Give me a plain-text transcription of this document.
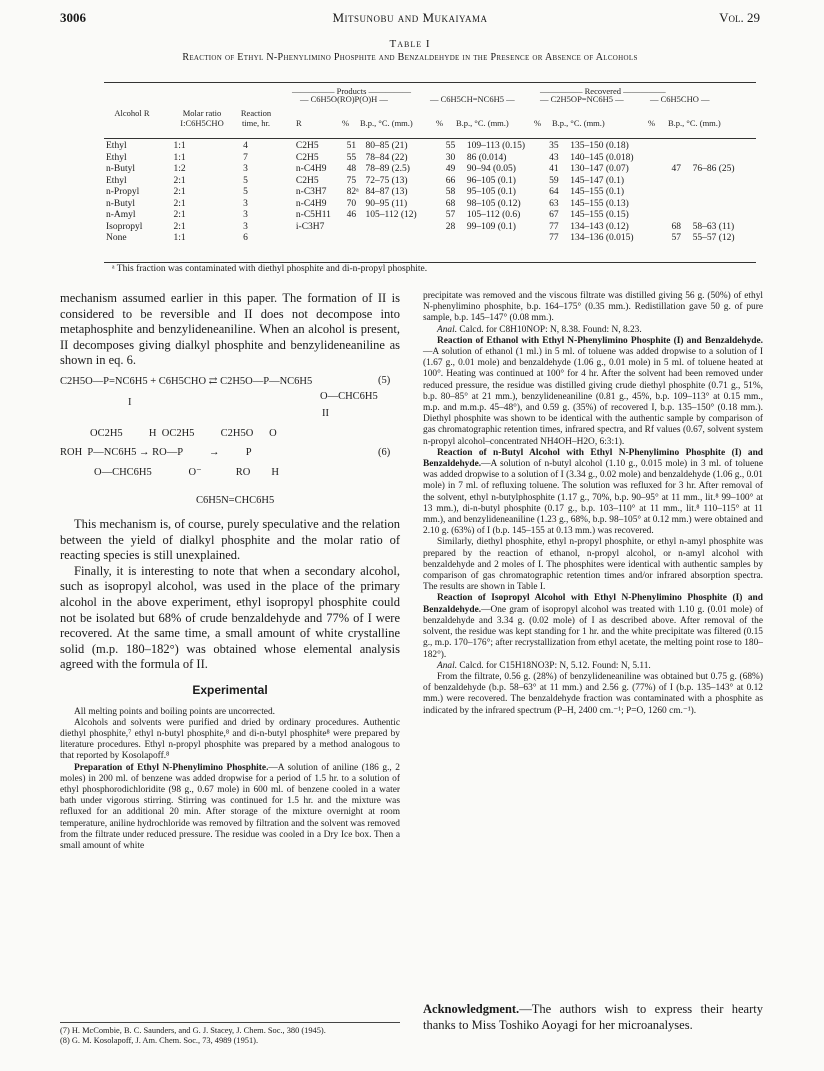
3006	Mitsunobu and Mukaiyama	Vol. 29
Table I
Reaction of Ethyl N-Phenylimino Phosphite and Benzaldehyde in the Presence or Absence of Alcohols
————— Products —————	————— Recovered —————
— C6H5O(RO)P(O)H —	— C6H5CH=NC6H5 —	— C2H5OP=NC6H5 —	— C6H5CHO —
Alcohol R	Molar ratio I:C6H5CHO
Reaction time, hr.	R	% B.p., °C. (mm.)	% B.p., °C. (mm.)	% B.p., °C. (mm.)	% B.p., °C. (mm.)
Ethyl	1:1	4	C2H5	51	80–85 (21)	55	109–113 (0.15)	35	135–150 (0.18)		
Ethyl	1:1	7	C2H5	55	78–84 (22)	30	86 (0.014)	43	140–145 (0.018)		
n-Butyl	1:2	3	n-C4H9	48	78–89 (2.5)	49	90–94 (0.05)	41	130–147 (0.07)	47	76–86 (25)
Ethyl	2:1	5	C2H5	75	72–75 (13)	66	96–105 (0.1)	59	145–147 (0.1)		
n-Propyl	2:1	5	n-C3H7	82ᵃ	84–87 (13)	58	95–105 (0.1)	64	145–155 (0.1)		
n-Butyl	2:1	3	n-C4H9	70	90–95 (11)	68	98–105 (0.12)	63	145–155 (0.13)		
n-Amyl	2:1	3	n-C5H11	46	105–112 (12)	57	105–112 (0.6)	67	145–155 (0.15)		
Isopropyl	2:1	3	i-C3H7			28	99–109 (0.1)	77	134–143 (0.12)	68	58–63 (11)
None	1:1	6						77	134–136 (0.015)	57	55–57 (12)
ᵃ This fraction was contaminated with diethyl phosphite and di-n-propyl phosphite.

mechanism assumed earlier in this paper. The formation of II is considered to be reversible and II does not decompose into metaphosphite and benzylideneaniline. When an alcohol is present, II decomposes giving dialkyl phosphite and benzylideneaniline as shown in eq. 6.

C2H5O—P=NC6H5 + C6H5CHO ⇄ C2H5O—P—NC6H5	(5)
O—CHC6H5
I
II
OC2H5          H  OC2H5          C2H5O      O
ROH  P—NC6H5 → RO—P          →          P	(6)
O—CHC6H5              O⁻             RO        H
C6H5N=CHC6H5

This mechanism is, of course, purely speculative and the relation between the yield of dialkyl phosphite and the molar ratio of reacting species is still unexplained.

Finally, it is interesting to note that when a secondary alcohol, such as isopropyl alcohol, was used in the place of the primary alcohol in the above experiment, ethyl isopropyl phosphite could not be isolated but 68% of crude benzaldehyde and 77% of I were recovered. At the same time, a small amount of white crystalline solid (m.p. 180–182°) was obtained whose elemental analysis agreed with the formula of II.

Experimental

All melting points and boiling points are uncorrected.

Alcohols and solvents were purified and dried by ordinary procedures. Authentic diethyl phosphite,⁷ ethyl n-butyl phosphite,⁸ and di-n-butyl phosphite⁸ were prepared by literature procedures. Ethyl n-propyl phosphite was prepared by a method analogous to that reported by Kosolapoff.⁸

Preparation of Ethyl N-Phenylimino Phosphite.—A solution of aniline (186 g., 2 moles) in 200 ml. of benzene was added dropwise for a period of 1.5 hr. to a solution of ethyl phosphorodichloridite (98 g., 0.67 mole) in 600 ml. of benzene cooled in a water bath under vigorous stirring. Stirring was continued for 1.5 hr. and the mixture was refluxed for an additional 20 min. After storage of the mixture overnight at room temperature, aniline hydrochloride was removed by filtration and the solvent was removed from the filtrate under reduced pressure. The residue was cooled in a Dry Ice box. Then a small amount of white

(7) H. McCombie, B. C. Saunders, and G. J. Stacey, J. Chem. Soc., 380 (1945).
(8) G. M. Kosolapoff, J. Am. Chem. Soc., 73, 4989 (1951).

precipitate was removed and the viscous filtrate was distilled giving 56 g. (50%) of ethyl N-phenylimino phosphite, b.p. 164–175° (0.35 mm.). Redistillation gave 50 g. of pure sample, b.p. 145–147° (0.08 mm.).

Anal. Calcd. for C8H10NOP: N, 8.38. Found: N, 8.23.

Reaction of Ethanol with Ethyl N-Phenylimino Phosphite (I) and Benzaldehyde.—A solution of ethanol (1 ml.) in 5 ml. of toluene was added dropwise to a solution of I (1.67 g., 0.01 mole) and benzaldehyde (1.06 g., 0.01 mole) in 5 ml. of toluene heated at 100°. Heating was continued at 100° for 4 hr. After the solvent had been removed under reduced pressure, the residue was distilled giving crude diethyl phosphite (0.71 g., 51%, b.p. 80–85° at 21 mm.), benzylideneaniline (0.81 g., 45%, b.p. 109–113° at 0.15 mm., m.p. and m.m.p. 45–48°), and 0.59 g. (35%) of recovered I, b.p. 135–150° (0.18 mm.). Diethyl phosphite was shown to be identical with the authentic sample by comparison of gas chromatographic retention times, infrared spectra, and Rf values (0.67, solvent system n-propyl alcohol–concentrated NH4OH–H2O, 6:3:1).

Reaction of n-Butyl Alcohol with Ethyl N-Phenylimino Phosphite (I) and Benzaldehyde.—A solution of n-butyl alcohol (1.10 g., 0.015 mole) in 3 ml. of toluene was added dropwise to a solution of I (3.34 g., 0.02 mole) and benzaldehyde (1.06 g., 0.01 mole) in 7 ml. of refluxing toluene. The solution was refluxed for 3 hr. After removal of the solvent, ethyl n-butylphosphite (1.17 g., 70%, b.p. 90–95° at 11 mm., lit.⁸ 99–100° at 13 mm.), di-n-butyl phosphite (0.17 g., b.p. 103–110° at 11 mm., lit.⁸ 110–115° at 11 mm.), and benzylideneaniline (1.23 g., 68%, b.p. 98–105° at 0.12 mm.) were obtained and 2.10 g. (63%) of I (b.p. 145–155 at 0.13 mm.) was recovered.

Similarly, diethyl phosphite, ethyl n-propyl phosphite, or ethyl n-amyl phosphite was prepared by the reaction of ethanol, n-propyl alcohol, or n-amyl alcohol with benzaldehyde and 2 moles of I. The phosphites were identical with authentic samples by comparison of gas chromatographic retention times and/or infrared absorption spectra. The results are shown in Table I.

Reaction of Isopropyl Alcohol with Ethyl N-Phenylimino Phosphite (I) and Benzaldehyde.—One gram of isopropyl alcohol was treated with 1.10 g. (0.01 mole) of benzaldehyde and 3.34 g. (0.02 mole) of I as described above. After removal of the solvent, the residue was kept standing for 1 hr. and the white precipitate was filtered (0.15 g., m.p. 170–176°; after recrystallization from ethyl acetate, the melting point rose to 180–182°).

Anal. Calcd. for C15H18NO3P: N, 5.12. Found: N, 5.11.

From the filtrate, 0.56 g. (28%) of benzylideneaniline was obtained but 0.75 g. (68%) of benzaldehyde (b.p. 58–63° at 11 mm.) and 2.56 g. (77%) of I (b.p. 135–143° at 0.12 mm.) were recovered. The benzaldehyde fraction was contaminated with a phosphite as indicated by the infrared spectrum (P–H, 2400 cm.⁻¹; P=O, 1260 cm.⁻¹).

Acknowledgment.—The authors wish to express their hearty thanks to Miss Toshiko Aoyagi for her microanalyses.
